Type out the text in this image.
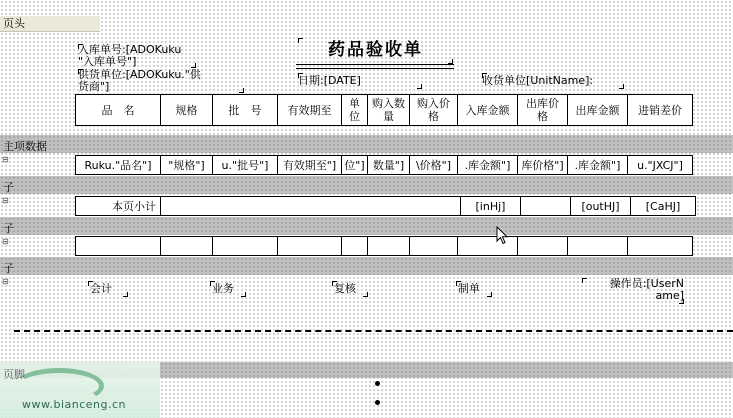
页头
主项数据
⊟
子
⊟
子
⊟
子
⊟
入库单号:[ADOKuku
"入库单号"]
药品验收单
供货单位:[ADOKuku."供
货商"]	日期:[DATE]	收货单位[UnitName]:
品　名	规格	批　号	有效期至	单位	购入数量	购入价格	入库金额	出库价格	出库金额	进销差价
Ruku."品名"]	"规格"]	u."批号"]	有效期至"]	位"]	数量"]	\价格"]	.库金额"]	库价格"]	.库金额"]	u."JXCJ"]
本页小计		[inHj]		[outHJ]	[CaHJ]

会计	业务	复核	制单	操作员:[UserN
ame]
页脚
www.bianceng.cn
